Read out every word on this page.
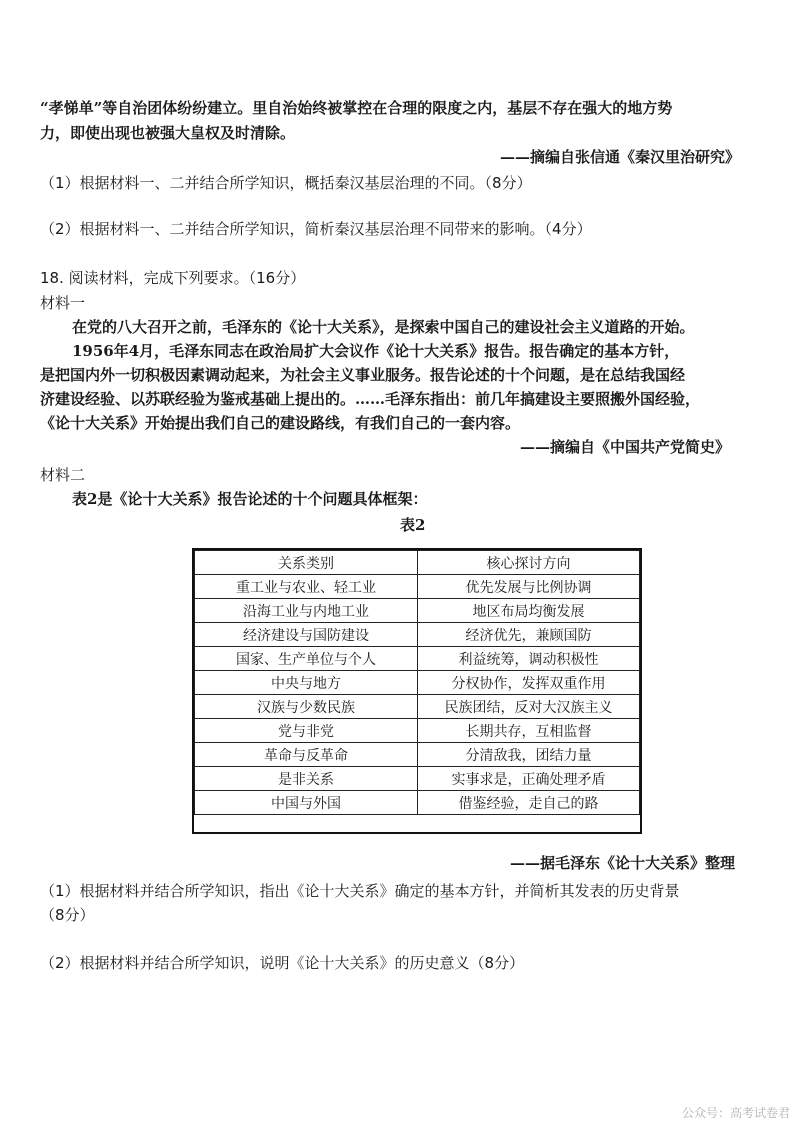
“孝悌单”等自治团体纷纷建立。里自治始终被掌控在合理的限度之内，基层不存在强大的地方势
力，即使出现也被强大皇权及时清除。
——摘编自张信通《秦汉里治研究》
（1）根据材料一、二并结合所学知识，概括秦汉基层治理的不同。（8分）
（2）根据材料一、二并结合所学知识，简析秦汉基层治理不同带来的影响。（4分）
18. 阅读材料，完成下列要求。（16分）
材料一
在党的八大召开之前，毛泽东的《论十大关系》，是探索中国自己的建设社会主义道路的开始。
1956年4月，毛泽东同志在政治局扩大会议作《论十大关系》报告。报告确定的基本方针，
是把国内外一切积极因素调动起来，为社会主义事业服务。报告论述的十个问题，是在总结我国经
济建设经验、以苏联经验为鉴戒基础上提出的。……毛泽东指出：前几年搞建设主要照搬外国经验，
《论十大关系》开始提出我们自己的建设路线，有我们自己的一套内容。
——摘编自《中国共产党简史》
材料二
表2是《论十大关系》报告论述的十个问题具体框架：
表2
关系类别	核心探讨方向
重工业与农业、轻工业	优先发展与比例协调
沿海工业与内地工业	地区布局均衡发展
经济建设与国防建设	经济优先，兼顾国防
国家、生产单位与个人	利益统筹，调动积极性
中央与地方	分权协作，发挥双重作用
汉族与少数民族	民族团结，反对大汉族主义
党与非党	长期共存，互相监督
革命与反革命	分清敌我，团结力量
是非关系	实事求是，正确处理矛盾
中国与外国	借鉴经验，走自己的路
——据毛泽东《论十大关系》整理
（1）根据材料并结合所学知识，指出《论十大关系》确定的基本方针，并简析其发表的历史背景
（8分）
（2）根据材料并结合所学知识，说明《论十大关系》的历史意义（8分）
公众号：高考试卷君
